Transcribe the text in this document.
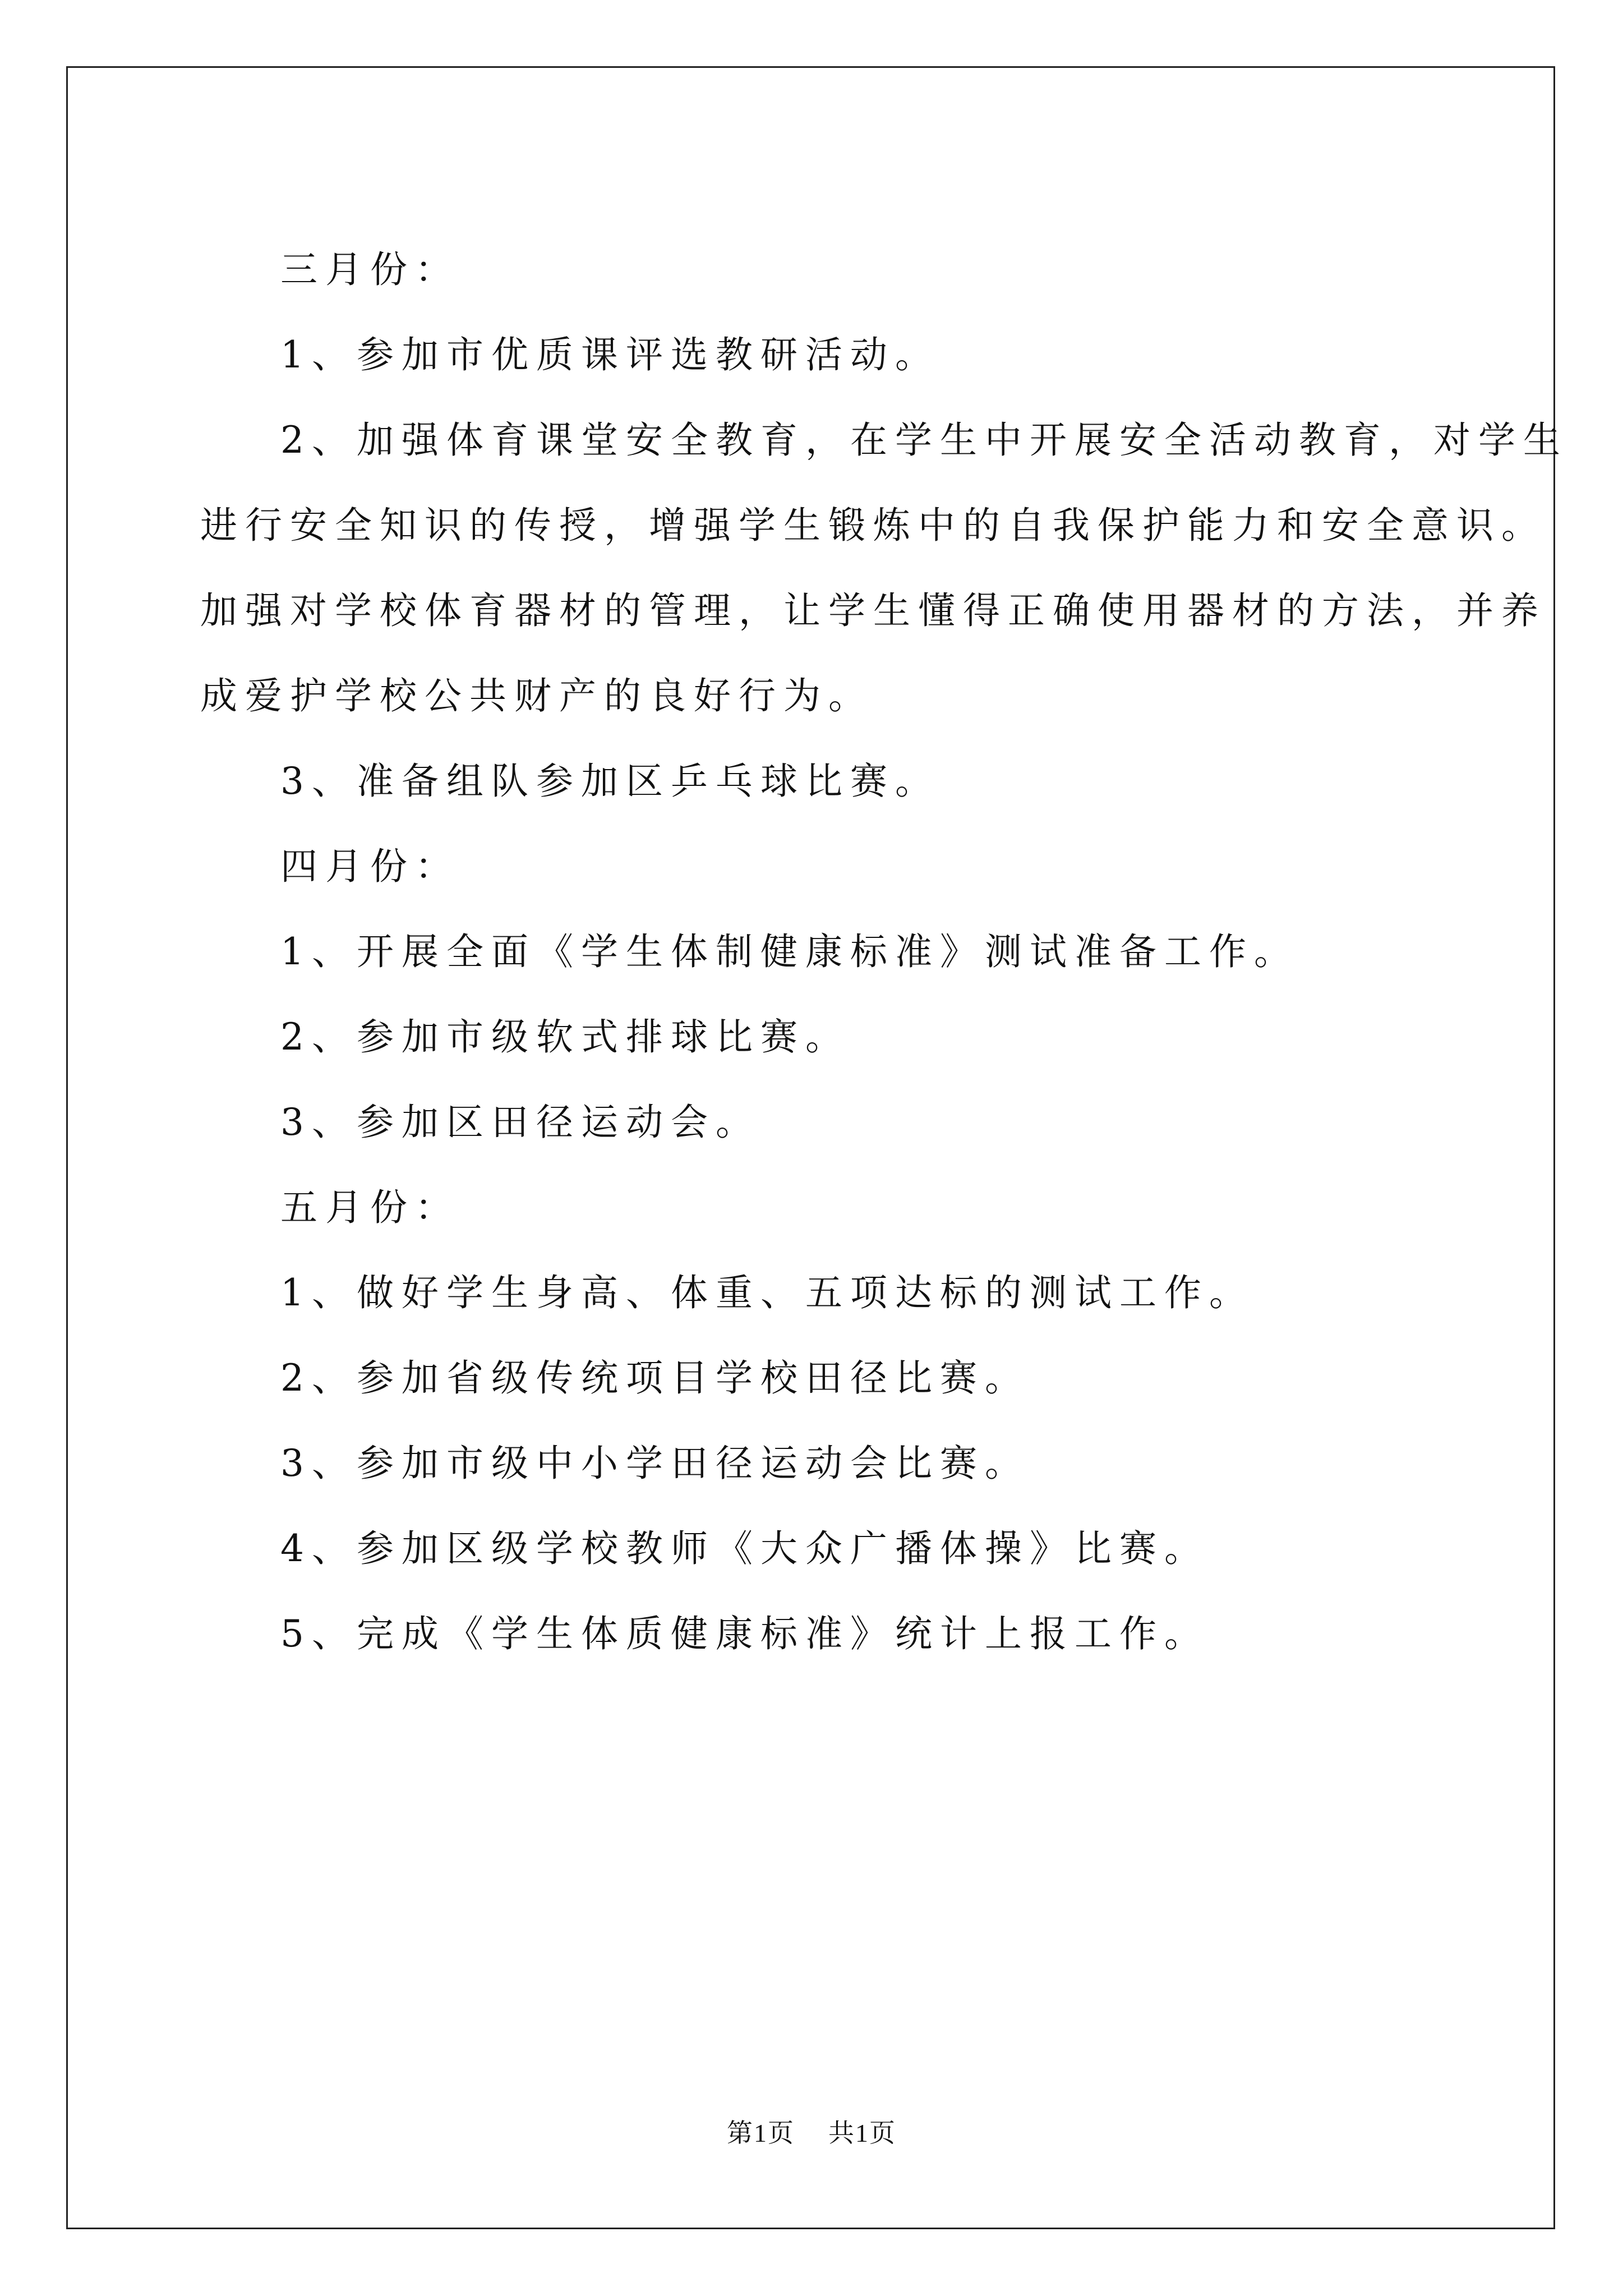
三月份：

1、参加市优质课评选教研活动。

2、加强体育课堂安全教育，在学生中开展安全活动教育，对学生

进行安全知识的传授，增强学生锻炼中的自我保护能力和安全意识。

加强对学校体育器材的管理，让学生懂得正确使用器材的方法，并养

成爱护学校公共财产的良好行为。

3、准备组队参加区乒乓球比赛。

四月份：

1、开展全面《学生体制健康标准》测试准备工作。

2、参加市级软式排球比赛。

3、参加区田径运动会。

五月份：

1、做好学生身高、体重、五项达标的测试工作。

2、参加省级传统项目学校田径比赛。

3、参加市级中小学田径运动会比赛。

4、参加区级学校教师《大众广播体操》比赛。

5、完成《学生体质健康标准》统计上报工作。

第1页 共1页
